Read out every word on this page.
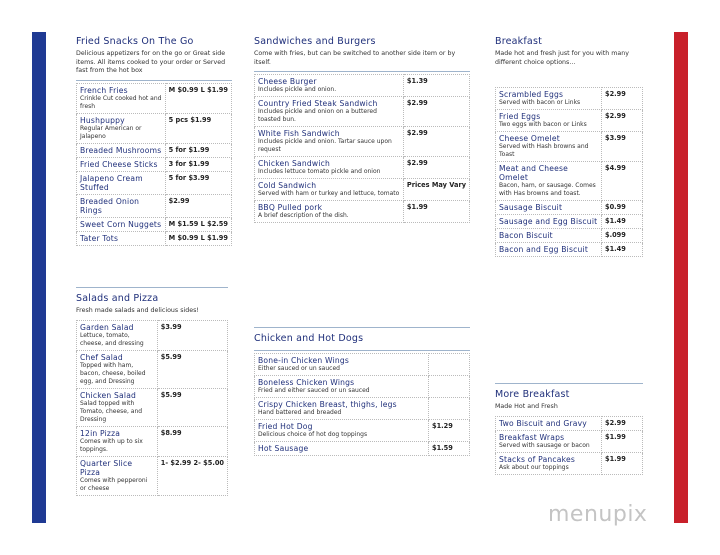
Fried Snacks On The Go
Delicious appetizers for on the go or Great side items. All items cooked to your order or Served fast from the hot box
French Fries
Crinkle Cut cooked hot and fresh	M $0.99 L $1.99

Hushpuppy
Regular American or Jalapeno	5 pcs $1.99

Breaded Mushrooms	5 for $1.99

Fried Cheese Sticks	3 for $1.99

Jalapeno Cream Stuffed	5 for $3.99

Breaded Onion Rings	$2.99

Sweet Corn Nuggets	M $1.59 L $2.59

Tater Tots	M $0.99 L $1.99
Sandwiches and Burgers
Come with fries, but can be switched to another side item or by itself.
Cheese Burger
Includes pickle and onion.	$1.39

Country Fried Steak Sandwich
Includes pickle and onion on a buttered toasted bun.	$2.99

White Fish Sandwich
Includes pickle and onion. Tartar sauce upon request	$2.99

Chicken Sandwich
Includes lettuce tomato pickle and onion	$2.99

Cold Sandwich
Served with ham or turkey and lettuce, tomato	Prices May Vary

BBQ Pulled pork
A brief description of the dish.	$1.99
Breakfast
Made hot and fresh just for you with many different choice options...
Scrambled Eggs
Served with bacon or Links	$2.99

Fried Eggs
Two eggs with bacon or Links	$2.99

Cheese Omelet
Served with Hash browns and Toast	$3.99

Meat and Cheese Omelet
Bacon, ham, or sausage. Comes with Has browns and toast.	$4.99

Sausage Biscuit	$0.99

Sausage and Egg Biscuit	$1.49

Bacon Biscuit	$.099

Bacon and Egg Biscuit	$1.49
Salads and Pizza
Fresh made salads and delicious sides!
Garden Salad
Lettuce, tomato, cheese, and dressing	$3.99

Chef Salad
Topped with ham, bacon, cheese, boiled egg, and Dressing	$5.99

Chicken Salad
Salad topped with Tomato, cheese, and Dressing	$5.99

12in Pizza
Comes with up to six toppings.	$8.99

Quarter Slice Pizza
Comes with pepperoni or cheese	1- $2.99 2- $5.00
Chicken and Hot Dogs
Bone-in Chicken Wings
Either sauced or un sauced	

Boneless Chicken Wings
Fried and either sauced or un sauced	

Crispy Chicken Breast, thighs, legs
Hand battered and breaded	

Fried Hot Dog
Delicious choice of hot dog toppings	$1.29

Hot Sausage	$1.59
More Breakfast
Made Hot and Fresh
Two Biscuit and Gravy	$2.99

Breakfast Wraps
Served with sausage or bacon	$1.99

Stacks of Pancakes
Ask about our toppings	$1.99
menupix
